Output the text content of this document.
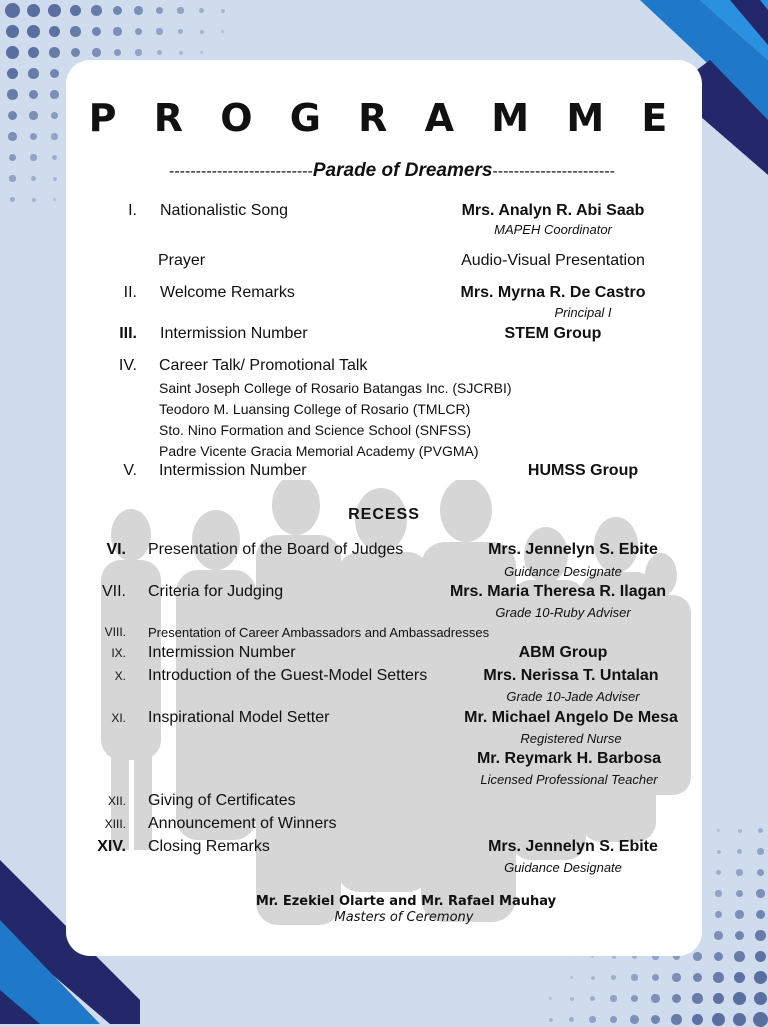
P R O G R A M M E
---------------------------Parade of Dreamers-----------------------
I. Nationalistic Song	Mrs. Analyn R. Abi Saab
MAPEH Coordinator
Prayer	Audio-Visual Presentation
II. Welcome Remarks	Mrs. Myrna R. De Castro
Principal I
III. Intermission Number	STEM Group
IV. Career Talk/ Promotional Talk
Saint Joseph College of Rosario Batangas Inc. (SJCRBI)
Teodoro M. Luansing College of Rosario (TMLCR)
Sto. Nino Formation and Science School (SNFSS)
Padre Vicente Gracia Memorial Academy (PVGMA)
V. Intermission Number	HUMSS Group
RECESS
VI. Presentation of the Board of Judges	Mrs. Jennelyn S. Ebite
Guidance Designate
VII. Criteria for Judging	Mrs. Maria Theresa R. Ilagan
Grade 10-Ruby Adviser
VIII. Presentation of Career Ambassadors and Ambassadresses
IX. Intermission Number	ABM Group
X. Introduction of the Guest-Model Setters	Mrs. Nerissa T. Untalan
Grade 10-Jade Adviser
XI. Inspirational Model Setter	Mr. Michael Angelo De Mesa
Registered Nurse
Mr. Reymark H. Barbosa
Licensed Professional Teacher
XII. Giving of Certificates
XIII. Announcement of Winners
XIV. Closing Remarks	Mrs. Jennelyn S. Ebite
Guidance Designate
Mr. Ezekiel Olarte and Mr. Rafael Mauhay
Masters of Ceremony
